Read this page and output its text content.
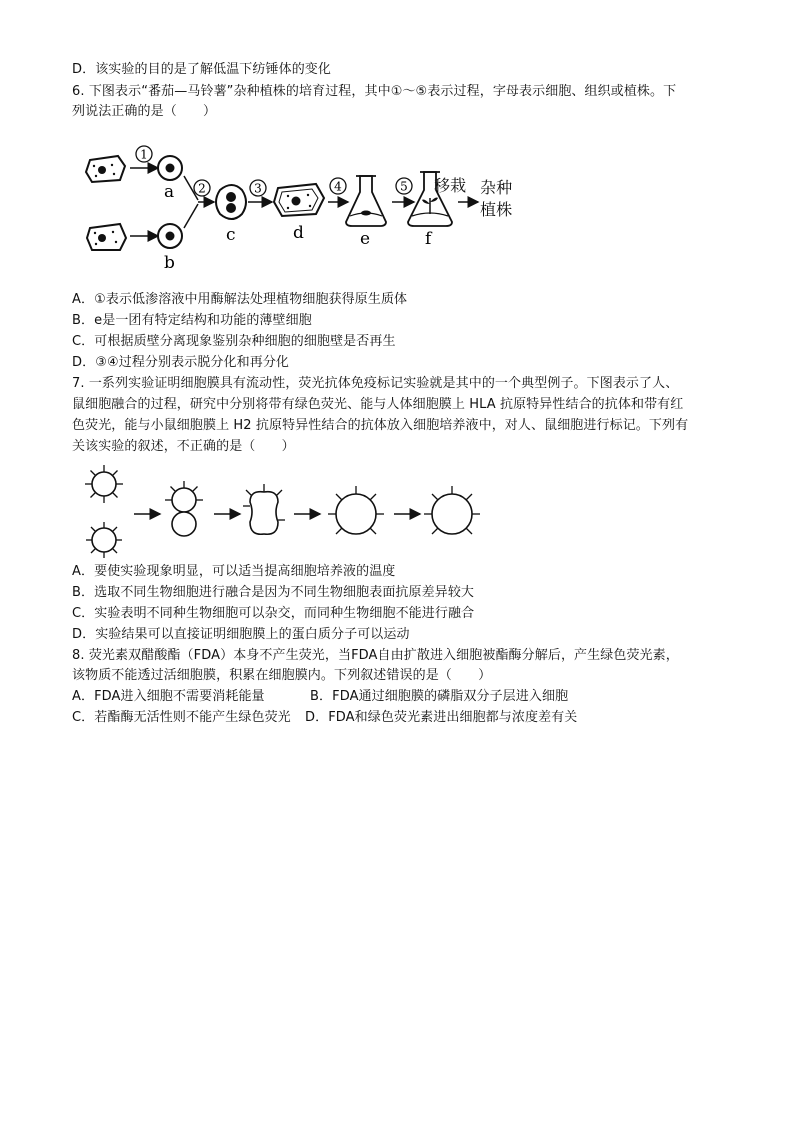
D．该实验的目的是了解低温下纺锤体的变化
6. 下图表示“番茄—马铃薯”杂种植株的培育过程，其中①～⑤表示过程，字母表示细胞、组织或植株。下
列说法正确的是（　　）
1
a
b
2
c
3
d
4
e
5
f
移栽 杂种
植株
A．①表示低渗溶液中用酶解法处理植物细胞获得原生质体
B．e是一团有特定结构和功能的薄壁细胞
C．可根据质壁分离现象鉴别杂种细胞的细胞壁是否再生
D．③④过程分别表示脱分化和再分化
7. 一系列实验证明细胞膜具有流动性，荧光抗体免疫标记实验就是其中的一个典型例子。下图表示了人、
鼠细胞融合的过程，研究中分别将带有绿色荧光、能与人体细胞膜上 HLA 抗原特异性结合的抗体和带有红
色荧光，能与小鼠细胞膜上 H2 抗原特异性结合的抗体放入细胞培养液中，对人、鼠细胞进行标记。下列有
关该实验的叙述，不正确的是（　　）
A．要使实验现象明显，可以适当提高细胞培养液的温度
B．选取不同生物细胞进行融合是因为不同生物细胞表面抗原差异较大
C．实验表明不同种生物细胞可以杂交，而同种生物细胞不能进行融合
D．实验结果可以直接证明细胞膜上的蛋白质分子可以运动
8. 荧光素双醋酸酯（FDA）本身不产生荧光，当FDA自由扩散进入细胞被酯酶分解后，产生绿色荧光素，
该物质不能透过活细胞膜，积累在细胞膜内。下列叙述错误的是（　　）
A．FDA进入细胞不需要消耗能量	B．FDA通过细胞膜的磷脂双分子层进入细胞
C．若酯酶无活性则不能产生绿色荧光 D．FDA和绿色荧光素进出细胞都与浓度差有关
